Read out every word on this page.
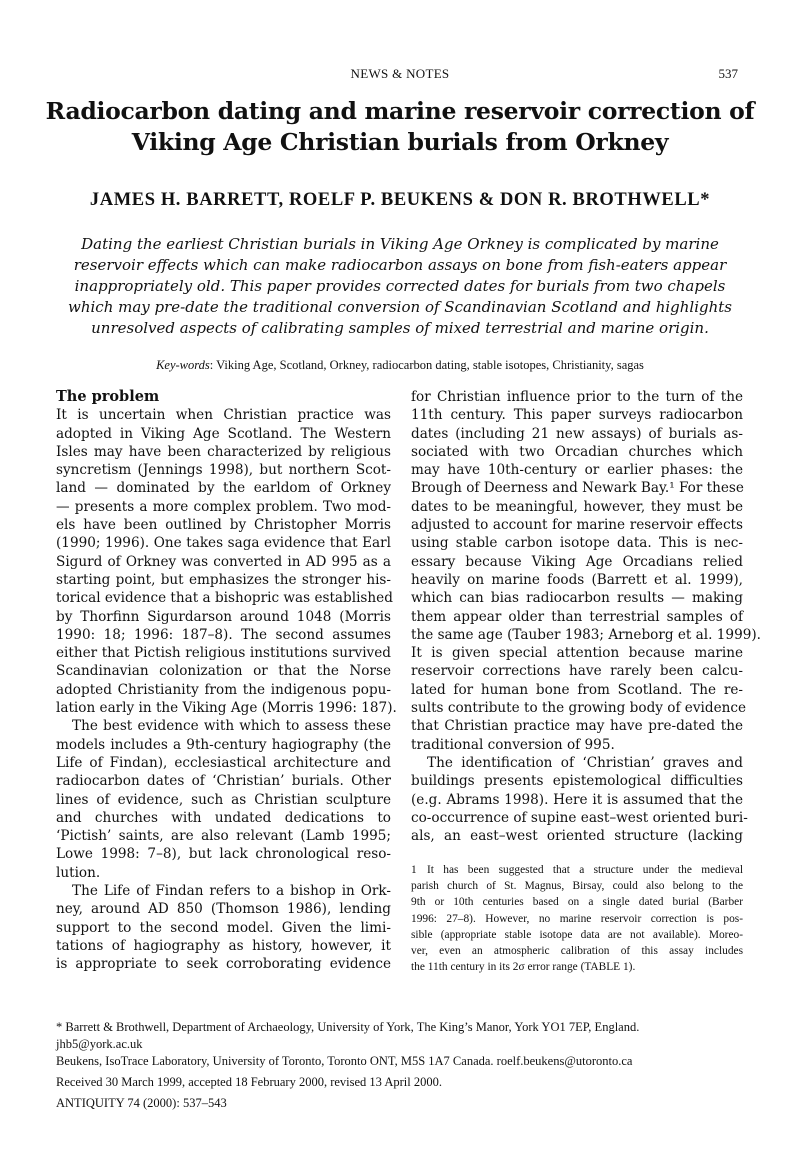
NEWS & NOTES	537
Radiocarbon dating and marine reservoir correction of
Viking Age Christian burials from Orkney
JAMES H. BARRETT, ROELF P. BEUKENS & DON R. BROTHWELL*
Dating the earliest Christian burials in Viking Age Orkney is complicated by marine
reservoir effects which can make radiocarbon assays on bone from fish-eaters appear
inappropriately old. This paper provides corrected dates for burials from two chapels
which may pre-date the traditional conversion of Scandinavian Scotland and highlights
unresolved aspects of calibrating samples of mixed terrestrial and marine origin.
Key-words: Viking Age, Scotland, Orkney, radiocarbon dating, stable isotopes, Christianity, sagas
The problem
It is uncertain when Christian practice was
adopted in Viking Age Scotland. The Western
Isles may have been characterized by religious
syncretism (Jennings 1998), but northern Scot-
land — dominated by the earldom of Orkney
— presents a more complex problem. Two mod-
els have been outlined by Christopher Morris
(1990; 1996). One takes saga evidence that Earl
Sigurd of Orkney was converted in AD 995 as a
starting point, but emphasizes the stronger his-
torical evidence that a bishopric was established
by Thorfinn Sigurdarson around 1048 (Morris
1990: 18; 1996: 187–8). The second assumes
either that Pictish religious institutions survived
Scandinavian colonization or that the Norse
adopted Christianity from the indigenous popu-
lation early in the Viking Age (Morris 1996: 187).
The best evidence with which to assess these
models includes a 9th-century hagiography (the
Life of Findan), ecclesiastical architecture and
radiocarbon dates of ‘Christian’ burials. Other
lines of evidence, such as Christian sculpture
and churches with undated dedications to
‘Pictish’ saints, are also relevant (Lamb 1995;
Lowe 1998: 7–8), but lack chronological reso-
lution.
The Life of Findan refers to a bishop in Ork-
ney, around AD 850 (Thomson 1986), lending
support to the second model. Given the limi-
tations of hagiography as history, however, it
is appropriate to seek corroborating evidence
for Christian influence prior to the turn of the
11th century. This paper surveys radiocarbon
dates (including 21 new assays) of burials as-
sociated with two Orcadian churches which
may have 10th-century or earlier phases: the
Brough of Deerness and Newark Bay.¹ For these
dates to be meaningful, however, they must be
adjusted to account for marine reservoir effects
using stable carbon isotope data. This is nec-
essary because Viking Age Orcadians relied
heavily on marine foods (Barrett et al. 1999),
which can bias radiocarbon results — making
them appear older than terrestrial samples of
the same age (Tauber 1983; Arneborg et al. 1999).
It is given special attention because marine
reservoir corrections have rarely been calcu-
lated for human bone from Scotland. The re-
sults contribute to the growing body of evidence
that Christian practice may have pre-dated the
traditional conversion of 995.
The identification of ‘Christian’ graves and
buildings presents epistemological difficulties
(e.g. Abrams 1998). Here it is assumed that the
co-occurrence of supine east–west oriented buri-
als, an east–west oriented structure (lacking
1 It has been suggested that a structure under the medieval
parish church of St. Magnus, Birsay, could also belong to the
9th or 10th centuries based on a single dated burial (Barber
1996: 27–8). However, no marine reservoir correction is pos-
sible (appropriate stable isotope data are not available). Moreo-
ver, even an atmospheric calibration of this assay includes
the 11th century in its 2σ error range (TABLE 1).
* Barrett & Brothwell, Department of Archaeology, University of York, The King’s Manor, York YO1 7EP, England.
jhb5@york.ac.uk
Beukens, IsoTrace Laboratory, University of Toronto, Toronto ONT, M5S 1A7 Canada. roelf.beukens@utoronto.ca
Received 30 March 1999, accepted 18 February 2000, revised 13 April 2000.
ANTIQUITY 74 (2000): 537–543
